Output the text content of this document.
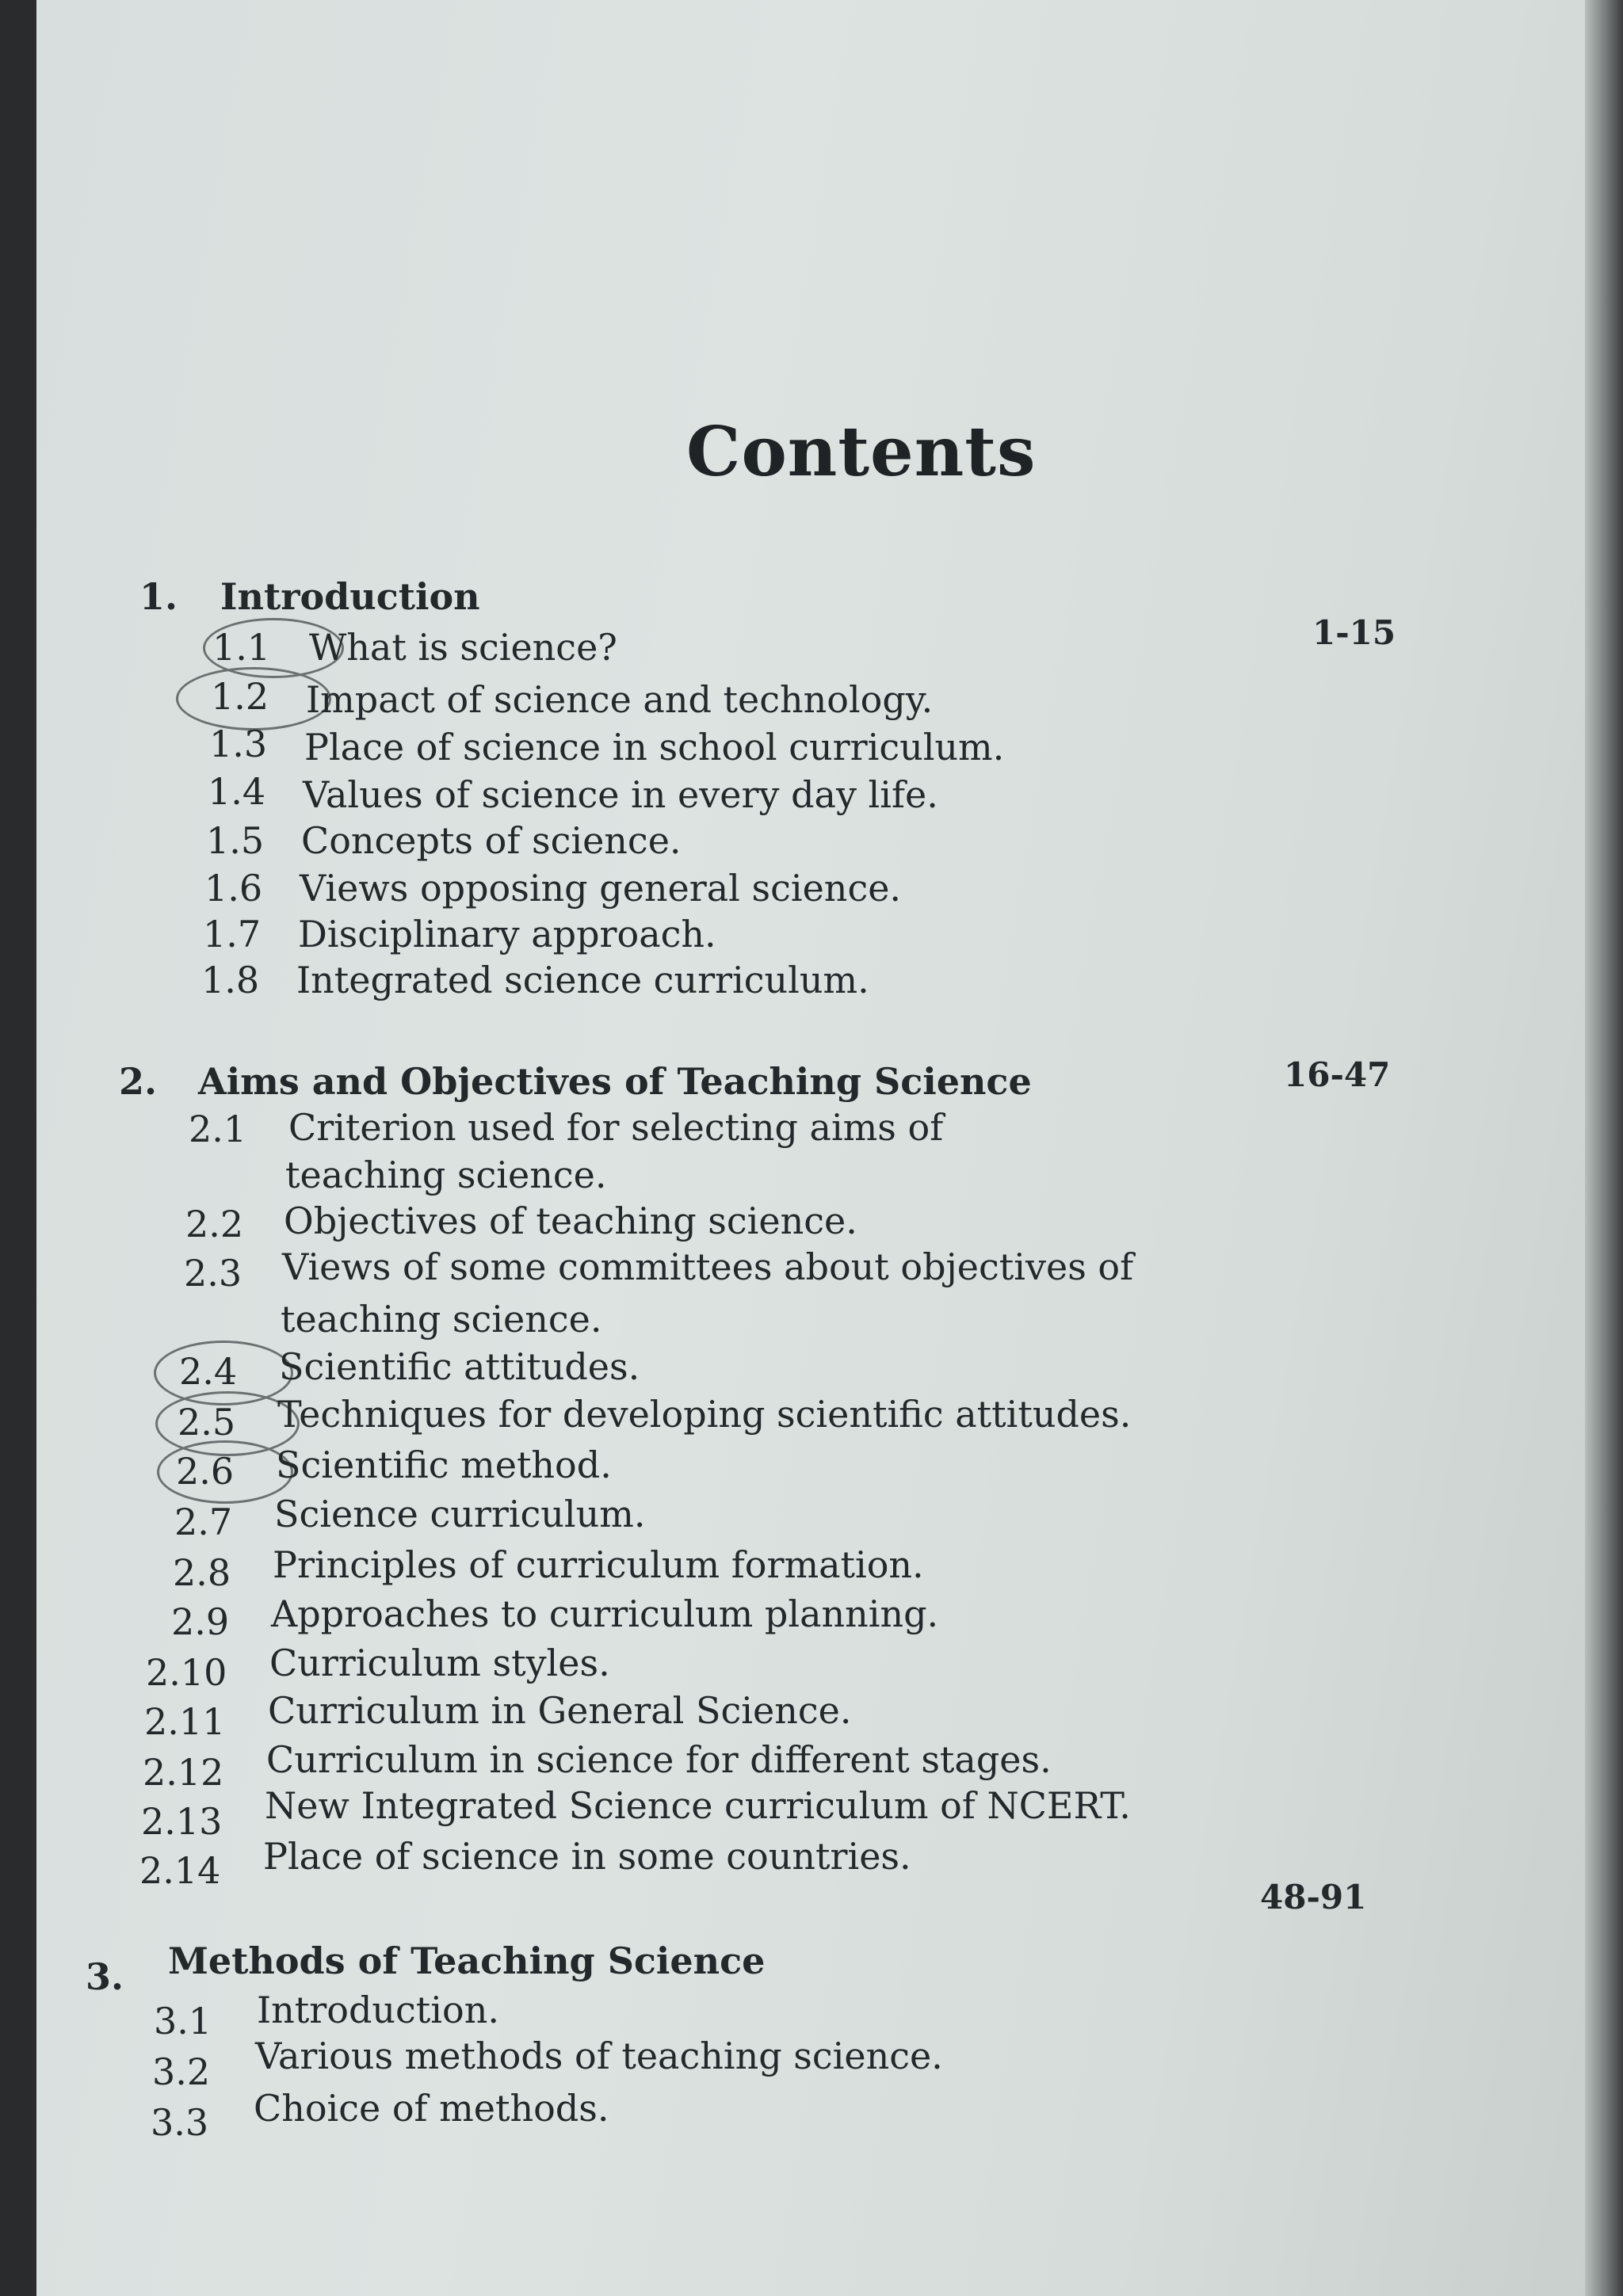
Contents
1. Introduction
1-15
1.1 What is science?
1.2 Impact of science and technology.
1.3 Place of science in school curriculum.
1.4 Values of science in every day life.
1.5 Concepts of science.
1.6 Views opposing general science.
1.7 Disciplinary approach.
1.8 Integrated science curriculum.
2. Aims and Objectives of Teaching Science	16-47
2.1 Criterion used for selecting aims of
teaching science.
2.2 Objectives of teaching science.
2.3 Views of some committees about objectives of
teaching science.
2.4 Scientific attitudes.
2.5 Techniques for developing scientific attitudes.
2.6 Scientific method.
2.7 Science curriculum.
2.8 Principles of curriculum formation.
2.9 Approaches to curriculum planning.
2.10 Curriculum styles.
2.11 Curriculum in General Science.
2.12 Curriculum in science for different stages.
2.13 New Integrated Science curriculum of NCERT.
2.14 Place of science in some countries.
48-91
3. Methods of Teaching Science
3.1 Introduction.
3.2 Various methods of teaching science.
3.3 Choice of methods.
